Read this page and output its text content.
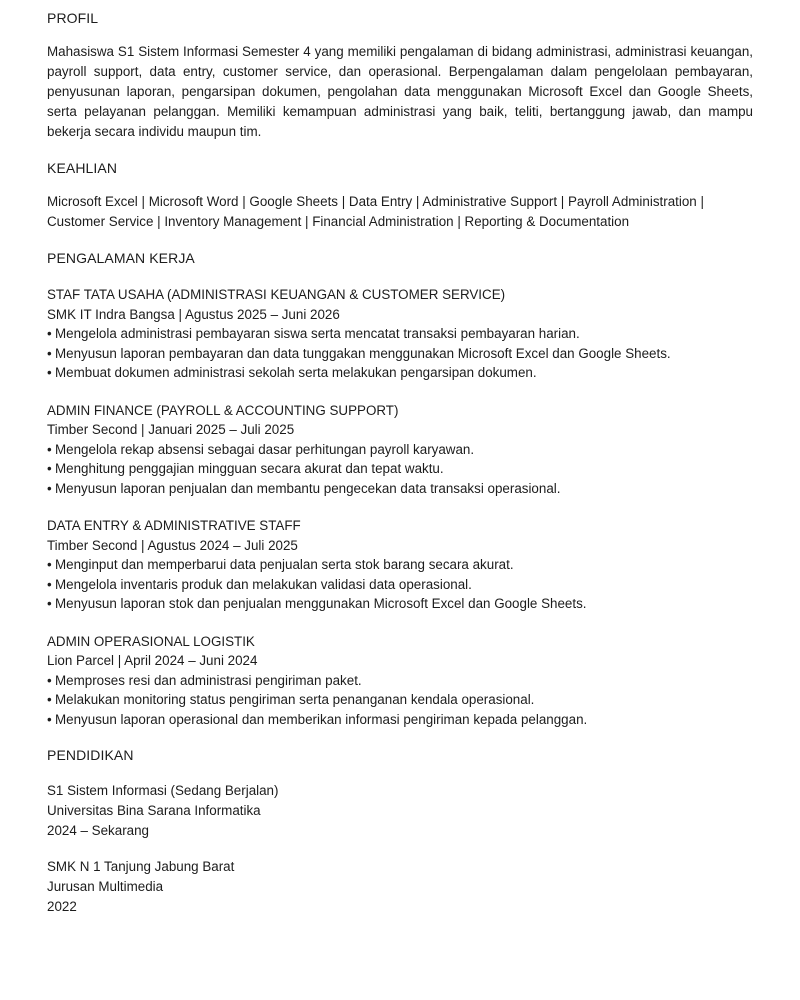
PROFIL

Mahasiswa S1 Sistem Informasi Semester 4 yang memiliki pengalaman di bidang administrasi, administrasi keuangan, payroll support, data entry, customer service, dan operasional. Berpengalaman dalam pengelolaan pembayaran, penyusunan laporan, pengarsipan dokumen, pengolahan data menggunakan Microsoft Excel dan Google Sheets, serta pelayanan pelanggan. Memiliki kemampuan administrasi yang baik, teliti, bertanggung jawab, dan mampu bekerja secara individu maupun tim.

KEAHLIAN

Microsoft Excel | Microsoft Word | Google Sheets | Data Entry | Administrative Support | Payroll Administration | Customer Service | Inventory Management | Financial Administration | Reporting & Documentation

PENGALAMAN KERJA
STAF TATA USAHA (ADMINISTRASI KEUANGAN & CUSTOMER SERVICE)
SMK IT Indra Bangsa | Agustus 2025 – Juni 2026
• Mengelola administrasi pembayaran siswa serta mencatat transaksi pembayaran harian.
• Menyusun laporan pembayaran dan data tunggakan menggunakan Microsoft Excel dan Google Sheets.
• Membuat dokumen administrasi sekolah serta melakukan pengarsipan dokumen.
ADMIN FINANCE (PAYROLL & ACCOUNTING SUPPORT)
Timber Second | Januari 2025 – Juli 2025
• Mengelola rekap absensi sebagai dasar perhitungan payroll karyawan.
• Menghitung penggajian mingguan secara akurat dan tepat waktu.
• Menyusun laporan penjualan dan membantu pengecekan data transaksi operasional.
DATA ENTRY & ADMINISTRATIVE STAFF
Timber Second | Agustus 2024 – Juli 2025
• Menginput dan memperbarui data penjualan serta stok barang secara akurat.
• Mengelola inventaris produk dan melakukan validasi data operasional.
• Menyusun laporan stok dan penjualan menggunakan Microsoft Excel dan Google Sheets.
ADMIN OPERASIONAL LOGISTIK
Lion Parcel | April 2024 – Juni 2024
• Memproses resi dan administrasi pengiriman paket.
• Melakukan monitoring status pengiriman serta penanganan kendala operasional.
• Menyusun laporan operasional dan memberikan informasi pengiriman kepada pelanggan.
PENDIDIKAN
S1 Sistem Informasi (Sedang Berjalan)
Universitas Bina Sarana Informatika
2024 – Sekarang
SMK N 1 Tanjung Jabung Barat
Jurusan Multimedia
2022
